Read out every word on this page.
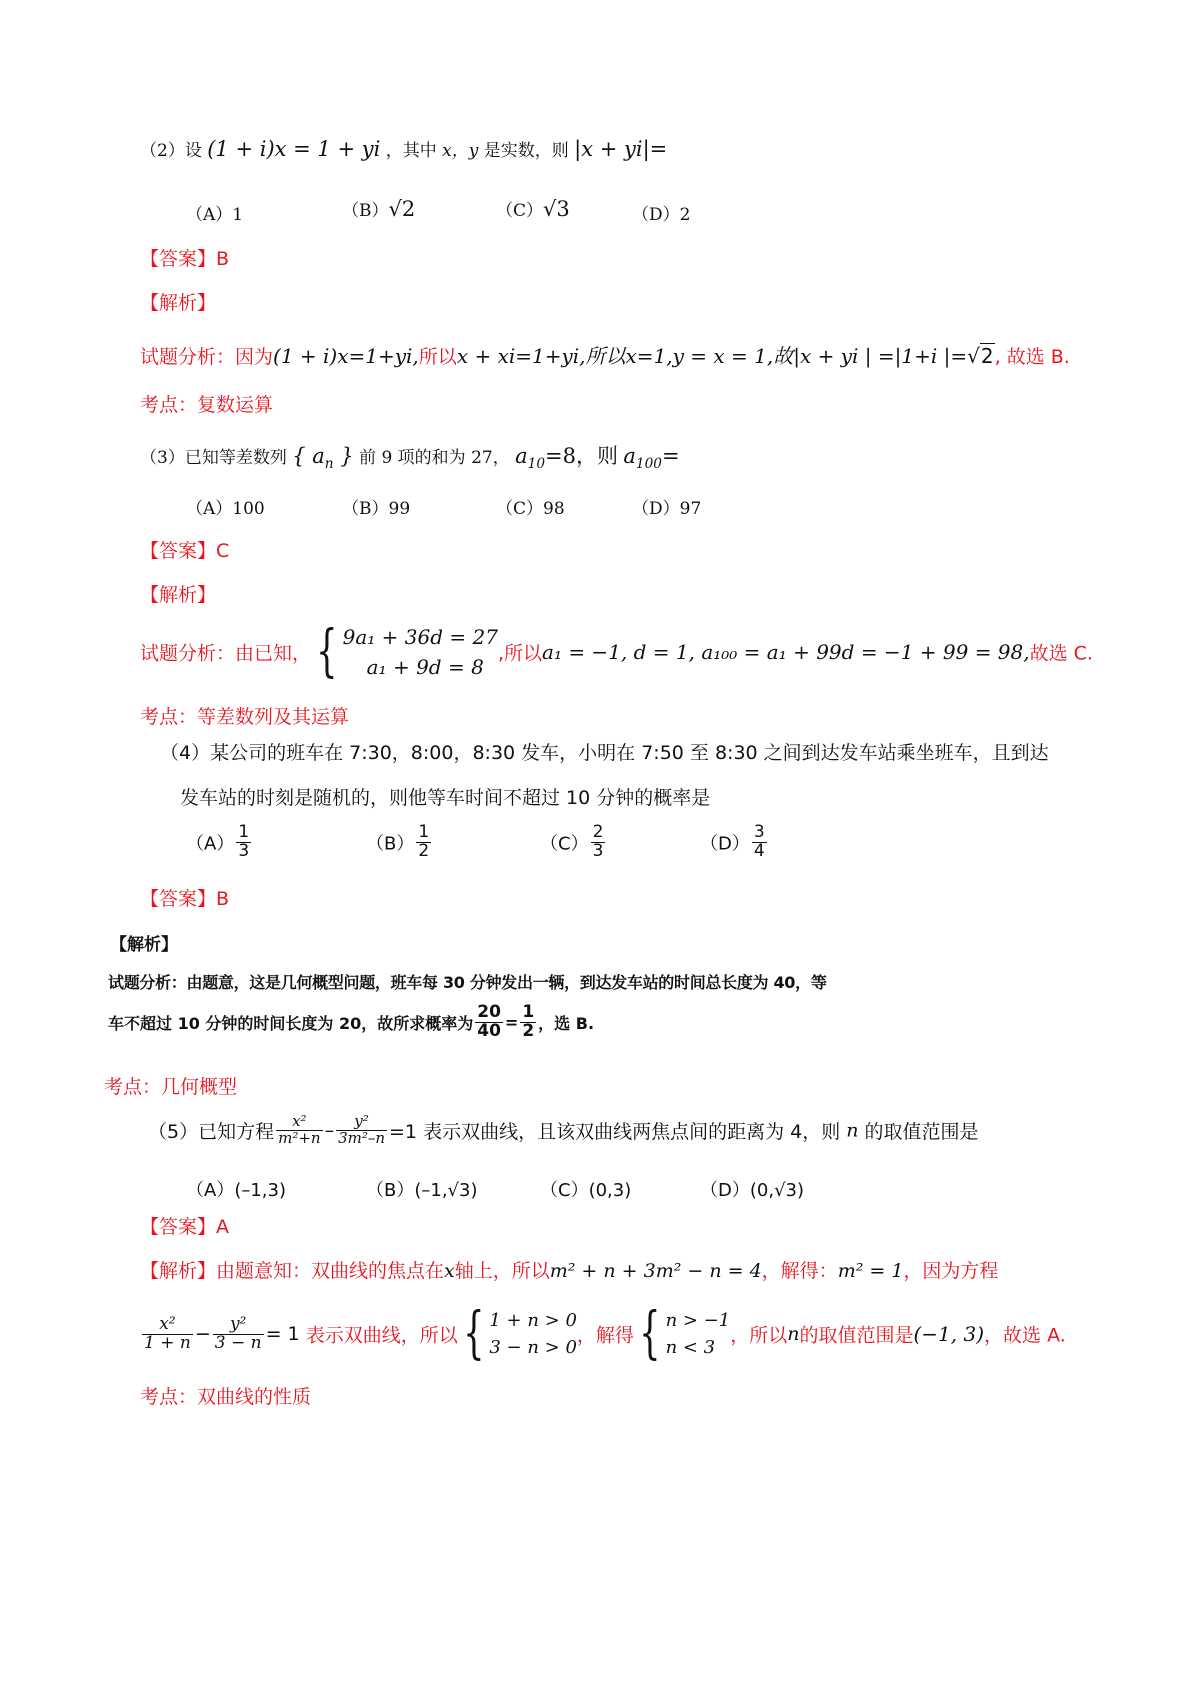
（2）设 (1 + i)x = 1 + yi ，其中 x，y 是实数，则 |x + yi|=
（A）1	（B）√2	（C）√3	（D）2
【答案】B
【解析】
试题分析：因为(1 + i)x=1+yi,所以x + xi=1+yi,所以x=1,y = x = 1,故|x + yi | =|1+i |=√2, 故选 B.
考点：复数运算
（3）已知等差数列 { $a_n$ } 前 9 项的和为 27， $a_{10}=8$，则 $a_{100}=$
（A）100	（B）99	（C）98	（D）97
【答案】C
【解析】
试题分析：由已知，{ 9a₁ + 36d = 27
a₁ + 9d = 8
,所以a₁ = −1, d = 1, a₁₀₀ = a₁ + 99d = −1 + 99 = 98,故选 C.
考点：等差数列及其运算
（4）某公司的班车在 7:30，8:00，8:30 发车，小明在 7:50 至 8:30 之间到达发车站乘坐班车，且到达
发车站的时刻是随机的，则他等车时间不超过 10 分钟的概率是
$(A) \frac{1}{3}$	$(B) \frac{1}{2}$	$(C) \frac{2}{3}$	$(D) \frac{3}{4}$
【答案】B
【解析】
试题分析：由题意，这是几何概型问题，班车每 30 分钟发出一辆，到达发车站的时间总长度为 40，等
车不超过 10 分钟的时间长度为 20，故所求概率为 $\frac{20}{40} = \frac{1}{2}$ ，选 B.
考点：几何概型
（5）已知方程 $\frac{\text{x²}}{\text{m²+n}} - \frac{\text{y²}}{\text{3m²–n}} =1$ 表示双曲线，且该双曲线两焦点间的距离为 4，则 n 的取值范围是
（A）(–1,3)	（B）(–1,√3)	（C）(0,3)	（D）(0,√3)
【答案】A
【解析】由题意知：双曲线的焦点在x轴上，所以m² + n + 3m² − n = 4，解得：m² = 1，因为方程
$\frac{\text{x²}}{1 + n} - \frac{\text{y²}}{3 - n} = 1$ 表示双曲线，所以{ 1 + n > 0
3 − n > 0
，解得{ n > −1
n < 3
，所以n的取值范围是(−1, 3)，故选 A.
考点：双曲线的性质
